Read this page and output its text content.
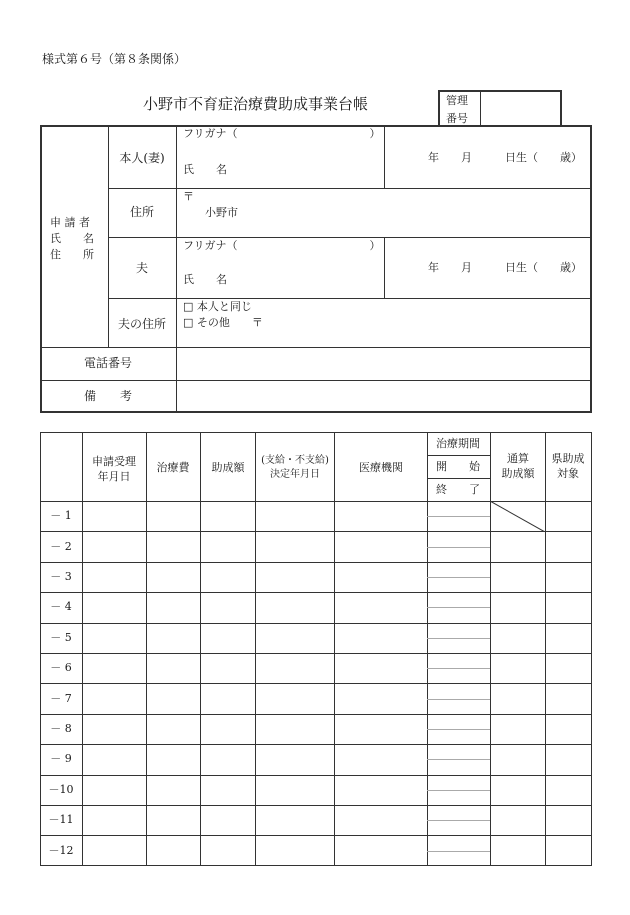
様式第６号（第８条関係）
小野市不育症治療費助成事業台帳	管理
番号
申 請 者
氏　　名
住　　所
本人(妻)
フリガナ（　　　　　　　　　　　　）
氏　　名
年　　月　　　日生（　　歳）
住所
〒
小野市
夫
フリガナ（　　　　　　　　　　　　）
氏　　名
年　　月　　　日生（　　歳）
夫の住所
□ 本人と同じ
□ その他　　〒
電話番号
備　　考
申請受理
年月日
治療費 助成額
(支給・不支給)
決定年月日
医療機関
治療期間
開　　始
終　　了
通算
助成額
県助成
対象
－ 1
－ 2
－ 3
－ 4
－ 5
－ 6
－ 7
－ 8
－ 9
－10
－11
－12
